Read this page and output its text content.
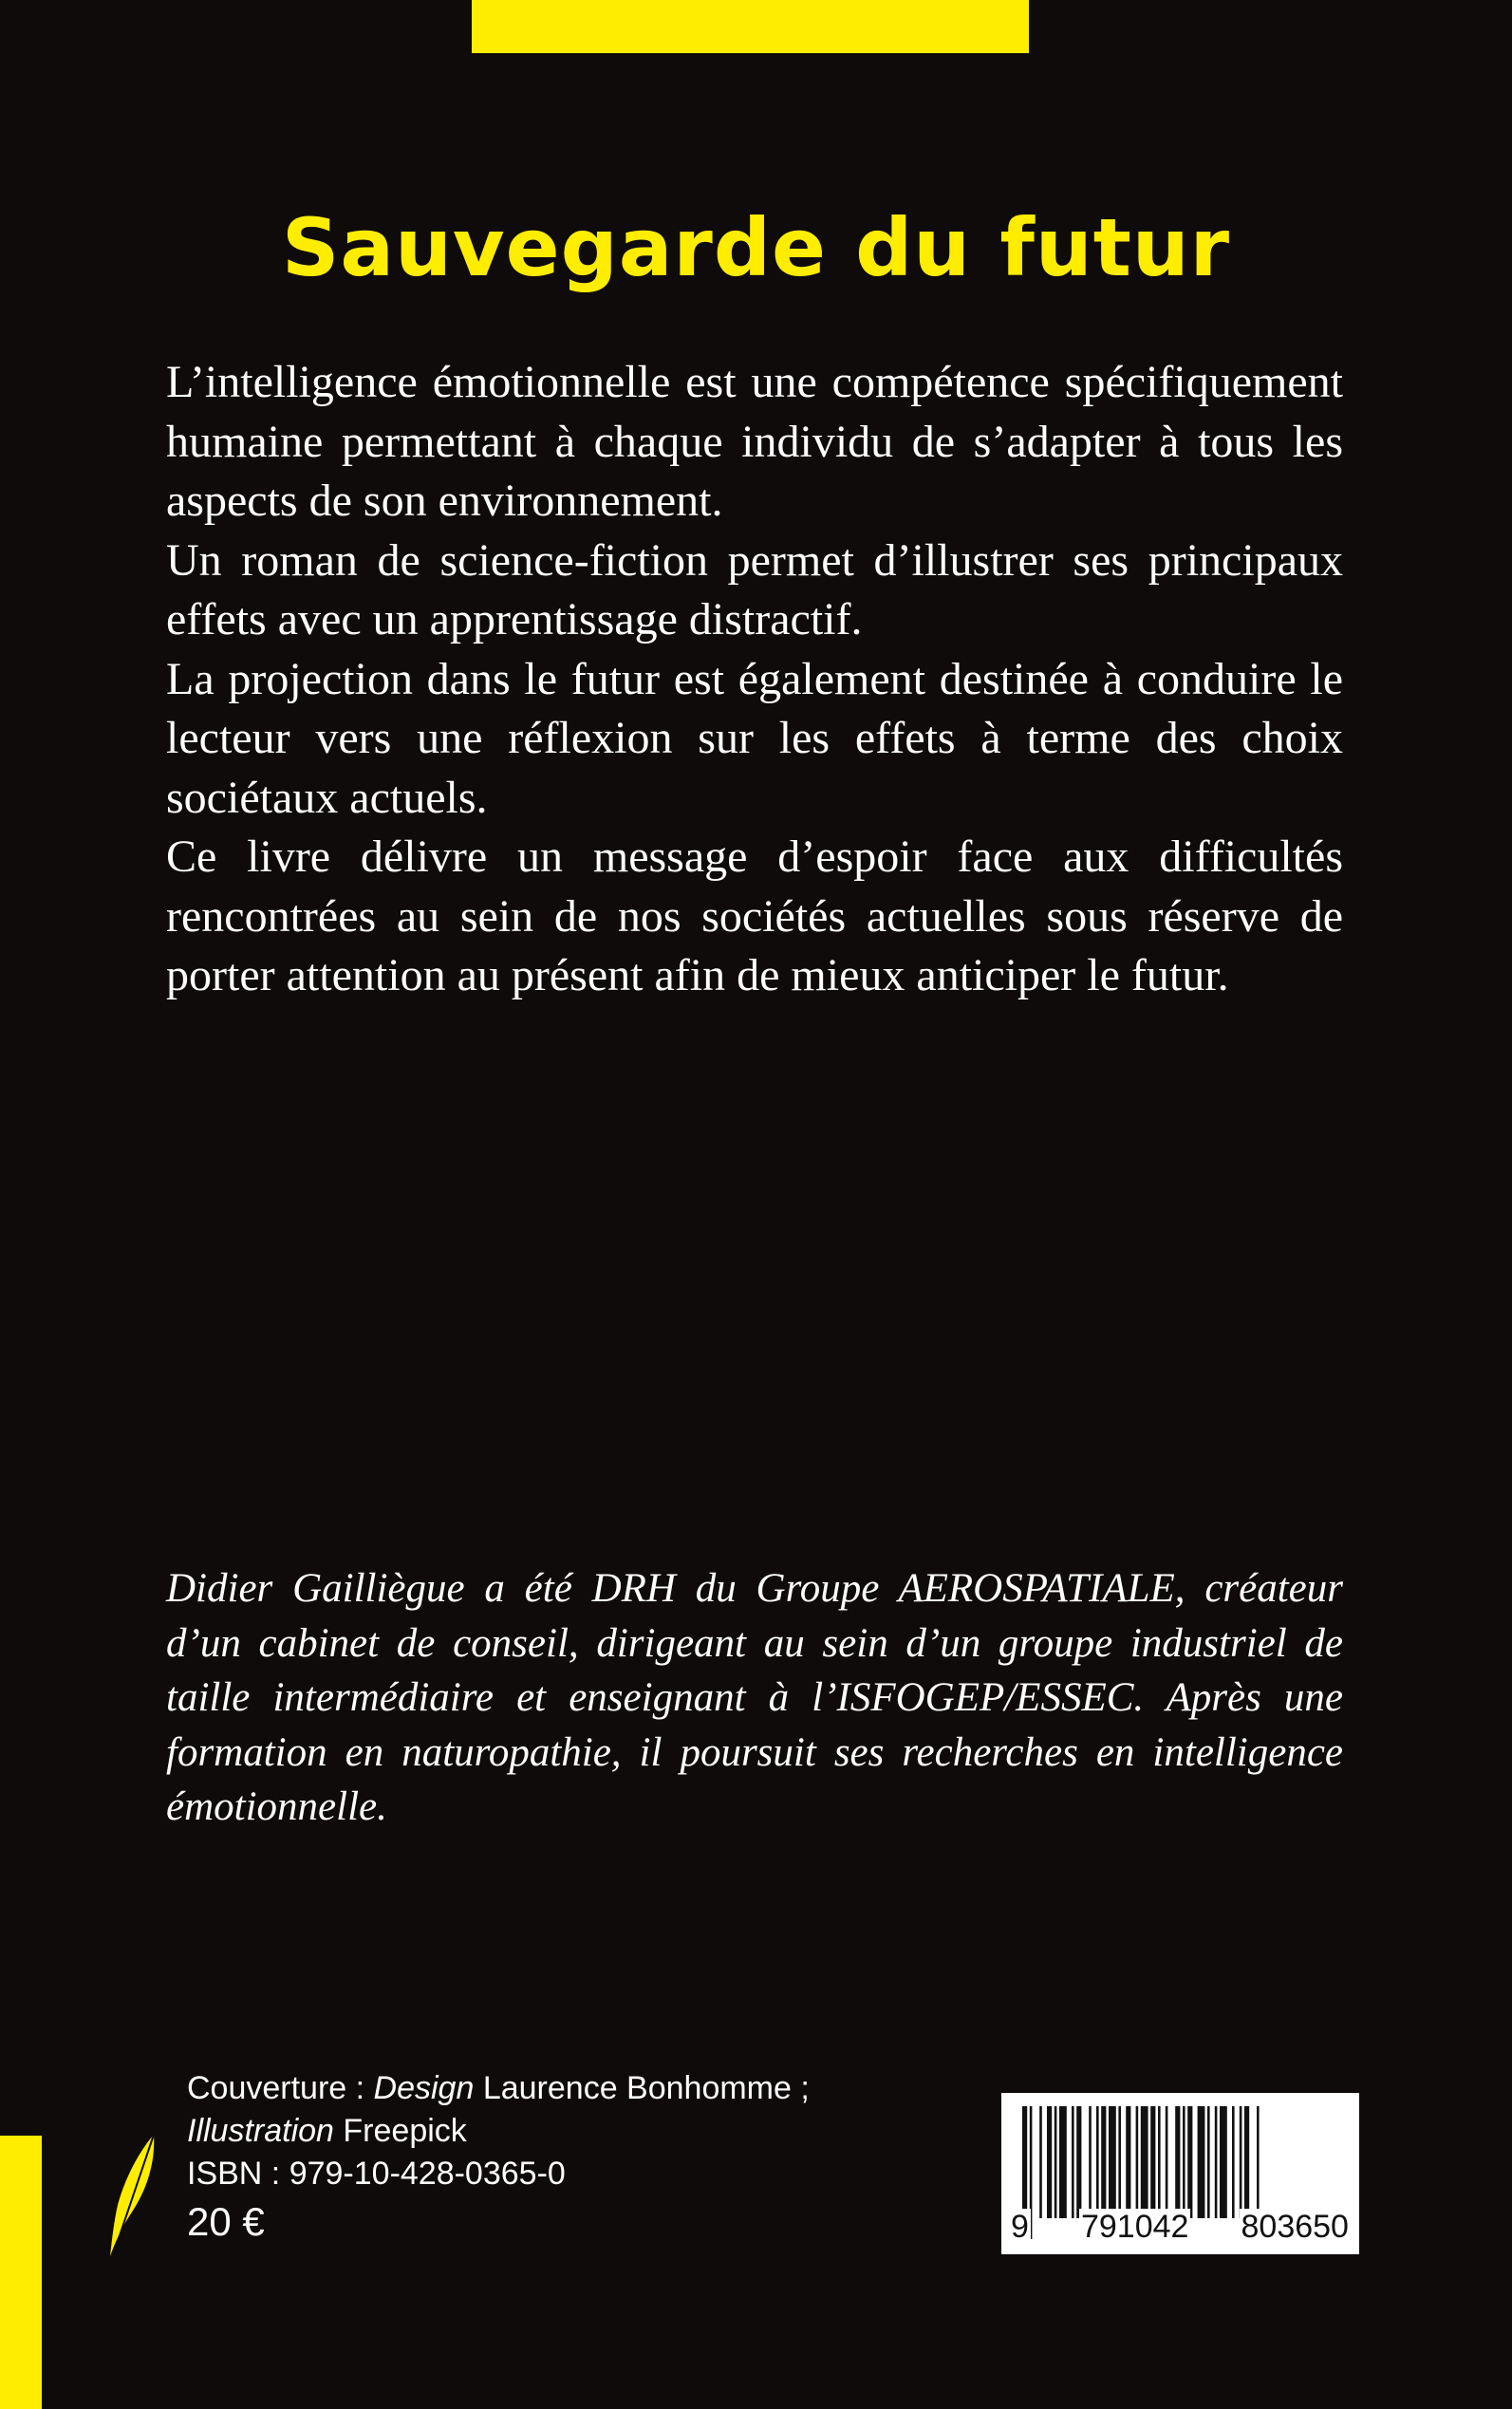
Sauvegarde du futur

L’intelligence émotionnelle est une compétence spécifiquement humaine permettant à chaque individu de s’adapter à tous les aspects de son environnement.

Un roman de science-fiction permet d’illustrer ses principaux effets avec un apprentissage distractif.

La projection dans le futur est également destinée à conduire le lecteur vers une réflexion sur les effets à terme des choix sociétaux actuels.

Ce livre délivre un message d’espoir face aux difficultés rencontrées au sein de nos sociétés actuelles sous réserve de porter attention au présent afin de mieux anticiper le futur.

Didier Gailliègue a été DRH du Groupe AEROSPATIALE, créateur d’un cabinet de conseil, dirigeant au sein d’un groupe industriel de taille intermédiaire et enseignant à l’ISFOGEP/ESSEC. Après une formation en naturopathie, il poursuit ses recherches en intelligence émotionnelle.
Couverture : Design Laurence Bonhomme ;
Illustration Freepick
ISBN : 979-10-428-0365-0
20 €	9 791042 803650
